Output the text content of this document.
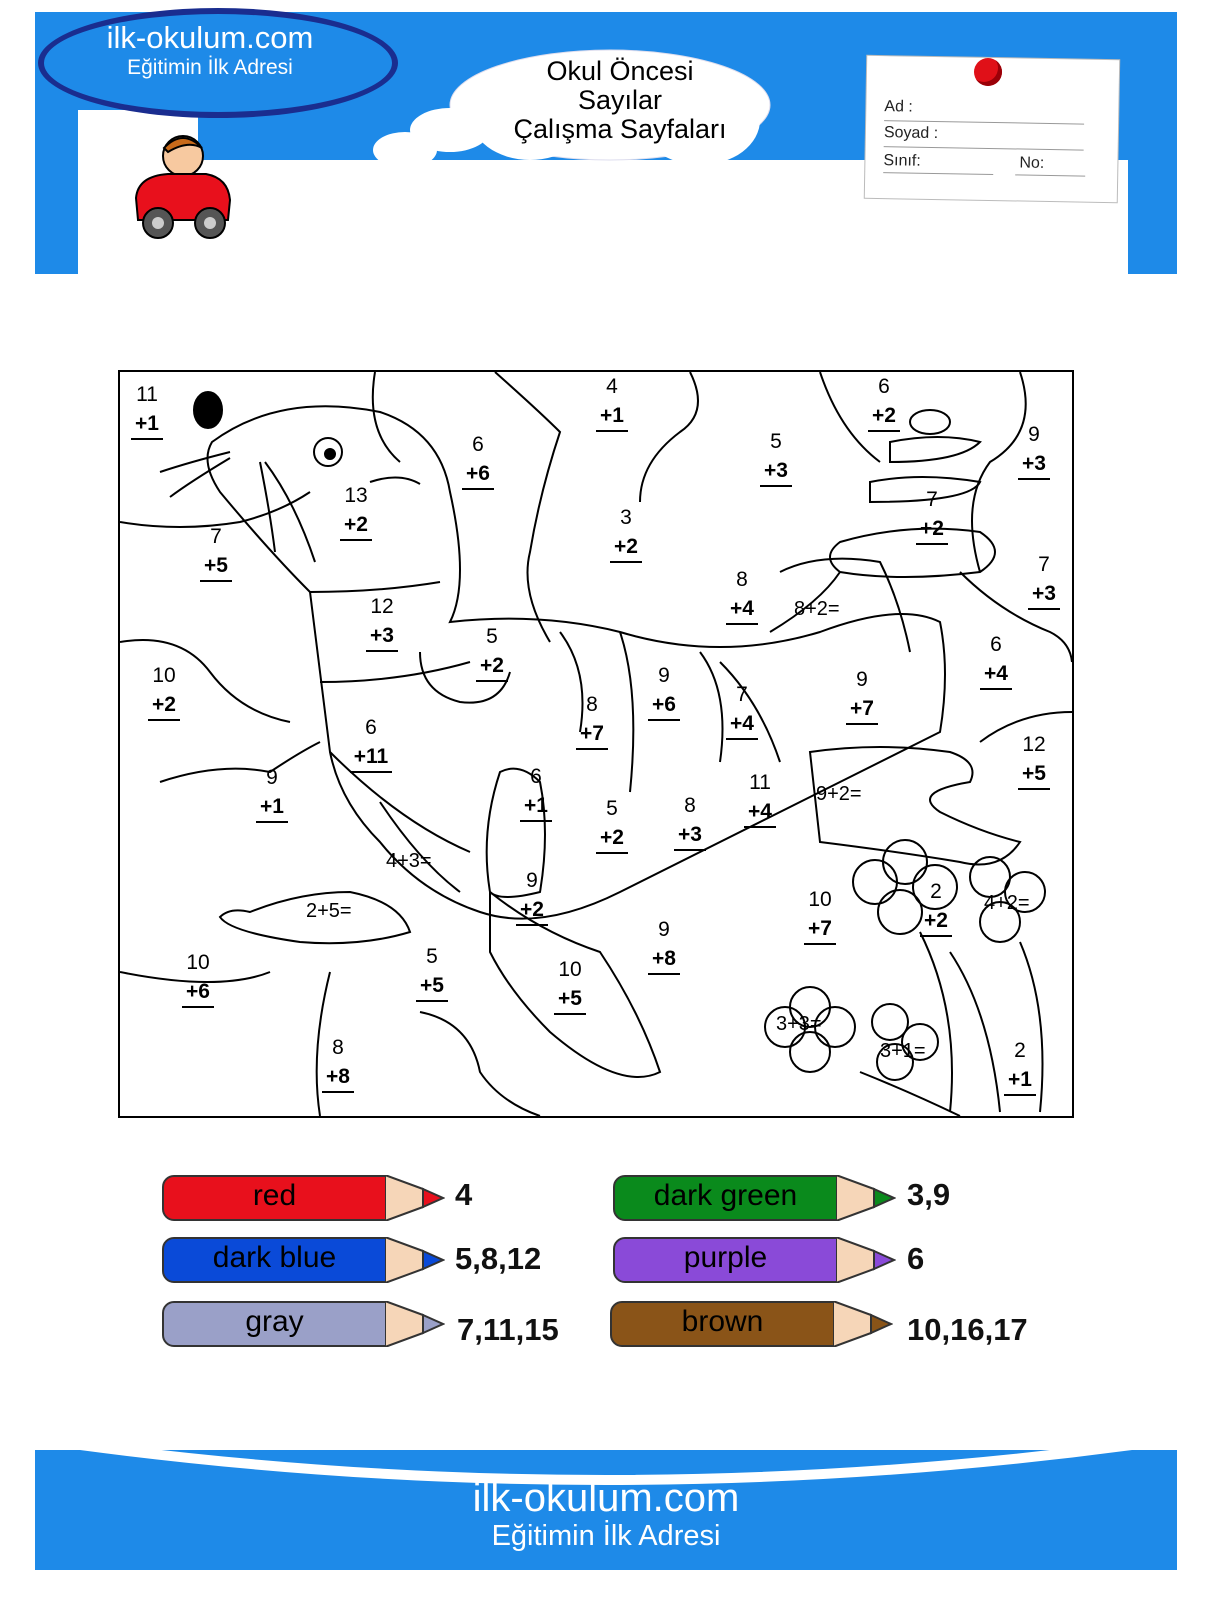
ilk-okulum.com
Eğitimin İlk Adresi	Okul Öncesi
Sayılar
Çalışma Sayfaları
Ad :
Soyad :
Sınıf:	No:
11
+1
4
+1
6
+2
6
+6
5
+3
9
+3
13
+2	3
+2
7
+2
7
+5	7
+3
8
+4
12
+3	5
+2
6
+4
10
+2
9
+6
9
+7
8
+7
7
+4
6
+11
12
+5
9
+1
6
+1
11
+4
5
+2
8
+3
9
+2	10
+7
2
+2
9
+8
10
+6
5
+5
10
+5
8
+8
2
+1
8+2=
9+2=
4+3=
2+5=	4+2=
3+3=
3+1=
red	4	dark green	3,9
dark blue	5,8,12	purple	6
gray	7,11,15	brown	10,16,17
ilk-okulum.com
Eğitimin İlk Adresi
